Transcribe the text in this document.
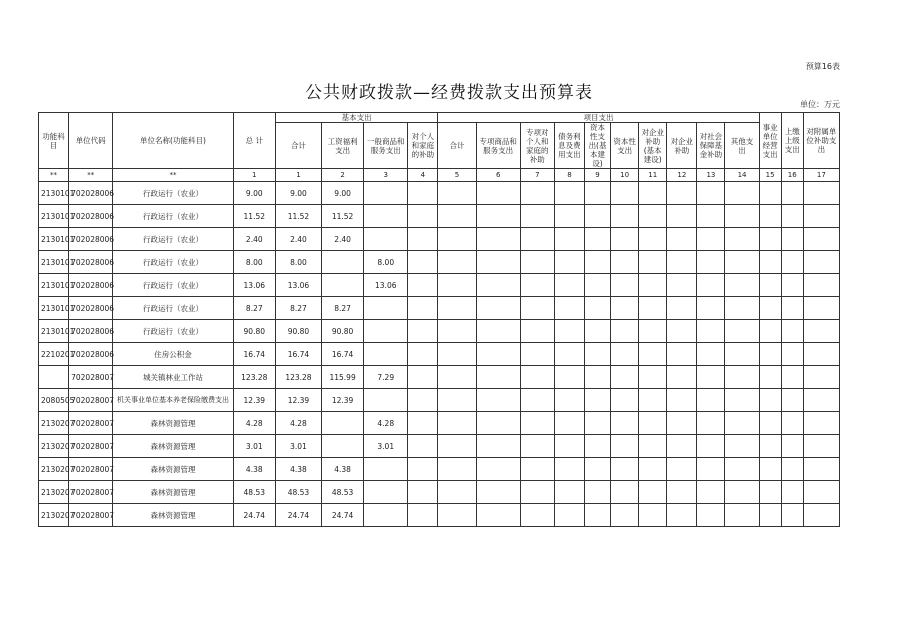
预算16表
公共财政拨款—经费拨款支出预算表
单位：万元
功能科目	单位代码	单位名称(功能科目)	总 计	基本支出				项目支出										事业单位经营支出	上缴上级支出	对附属单位补助支出
				合计	工资福利支出	一般商品和服务支出	对个人和家庭的补助	合计	专项商品和服务支出	专项对个人和家庭的补助	债务利息及费用支出	资本性支出(基本建设)	资本性支出	对企业补助(基本建设)	对企业补助	对社会保障基金补助	其他支出			
**	**	**	1	1	2	3	4	5	6	7	8	9	10	11	12	13	14	15	16	17
2130101	702028006	行政运行（农业）	9.00	9.00	9.00															
2130101	702028006	行政运行（农业）	11.52	11.52	11.52															
2130101	702028006	行政运行（农业）	2.40	2.40	2.40															
2130101	702028006	行政运行（农业）	8.00	8.00		8.00														
2130101	702028006	行政运行（农业）	13.06	13.06		13.06														
2130101	702028006	行政运行（农业）	8.27	8.27	8.27															
2130101	702028006	行政运行（农业）	90.80	90.80	90.80															
2210201	702028006	住房公积金	16.74	16.74	16.74															
	702028007	城关镇林业工作站	123.28	123.28	115.99	7.29														
2080505	702028007	机关事业单位基本养老保险缴费支出	12.39	12.39	12.39															
2130207	702028007	森林资源管理	4.28	4.28		4.28														
2130207	702028007	森林资源管理	3.01	3.01		3.01														
2130207	702028007	森林资源管理	4.38	4.38	4.38															
2130207	702028007	森林资源管理	48.53	48.53	48.53															
2130207	702028007	森林资源管理	24.74	24.74	24.74															
